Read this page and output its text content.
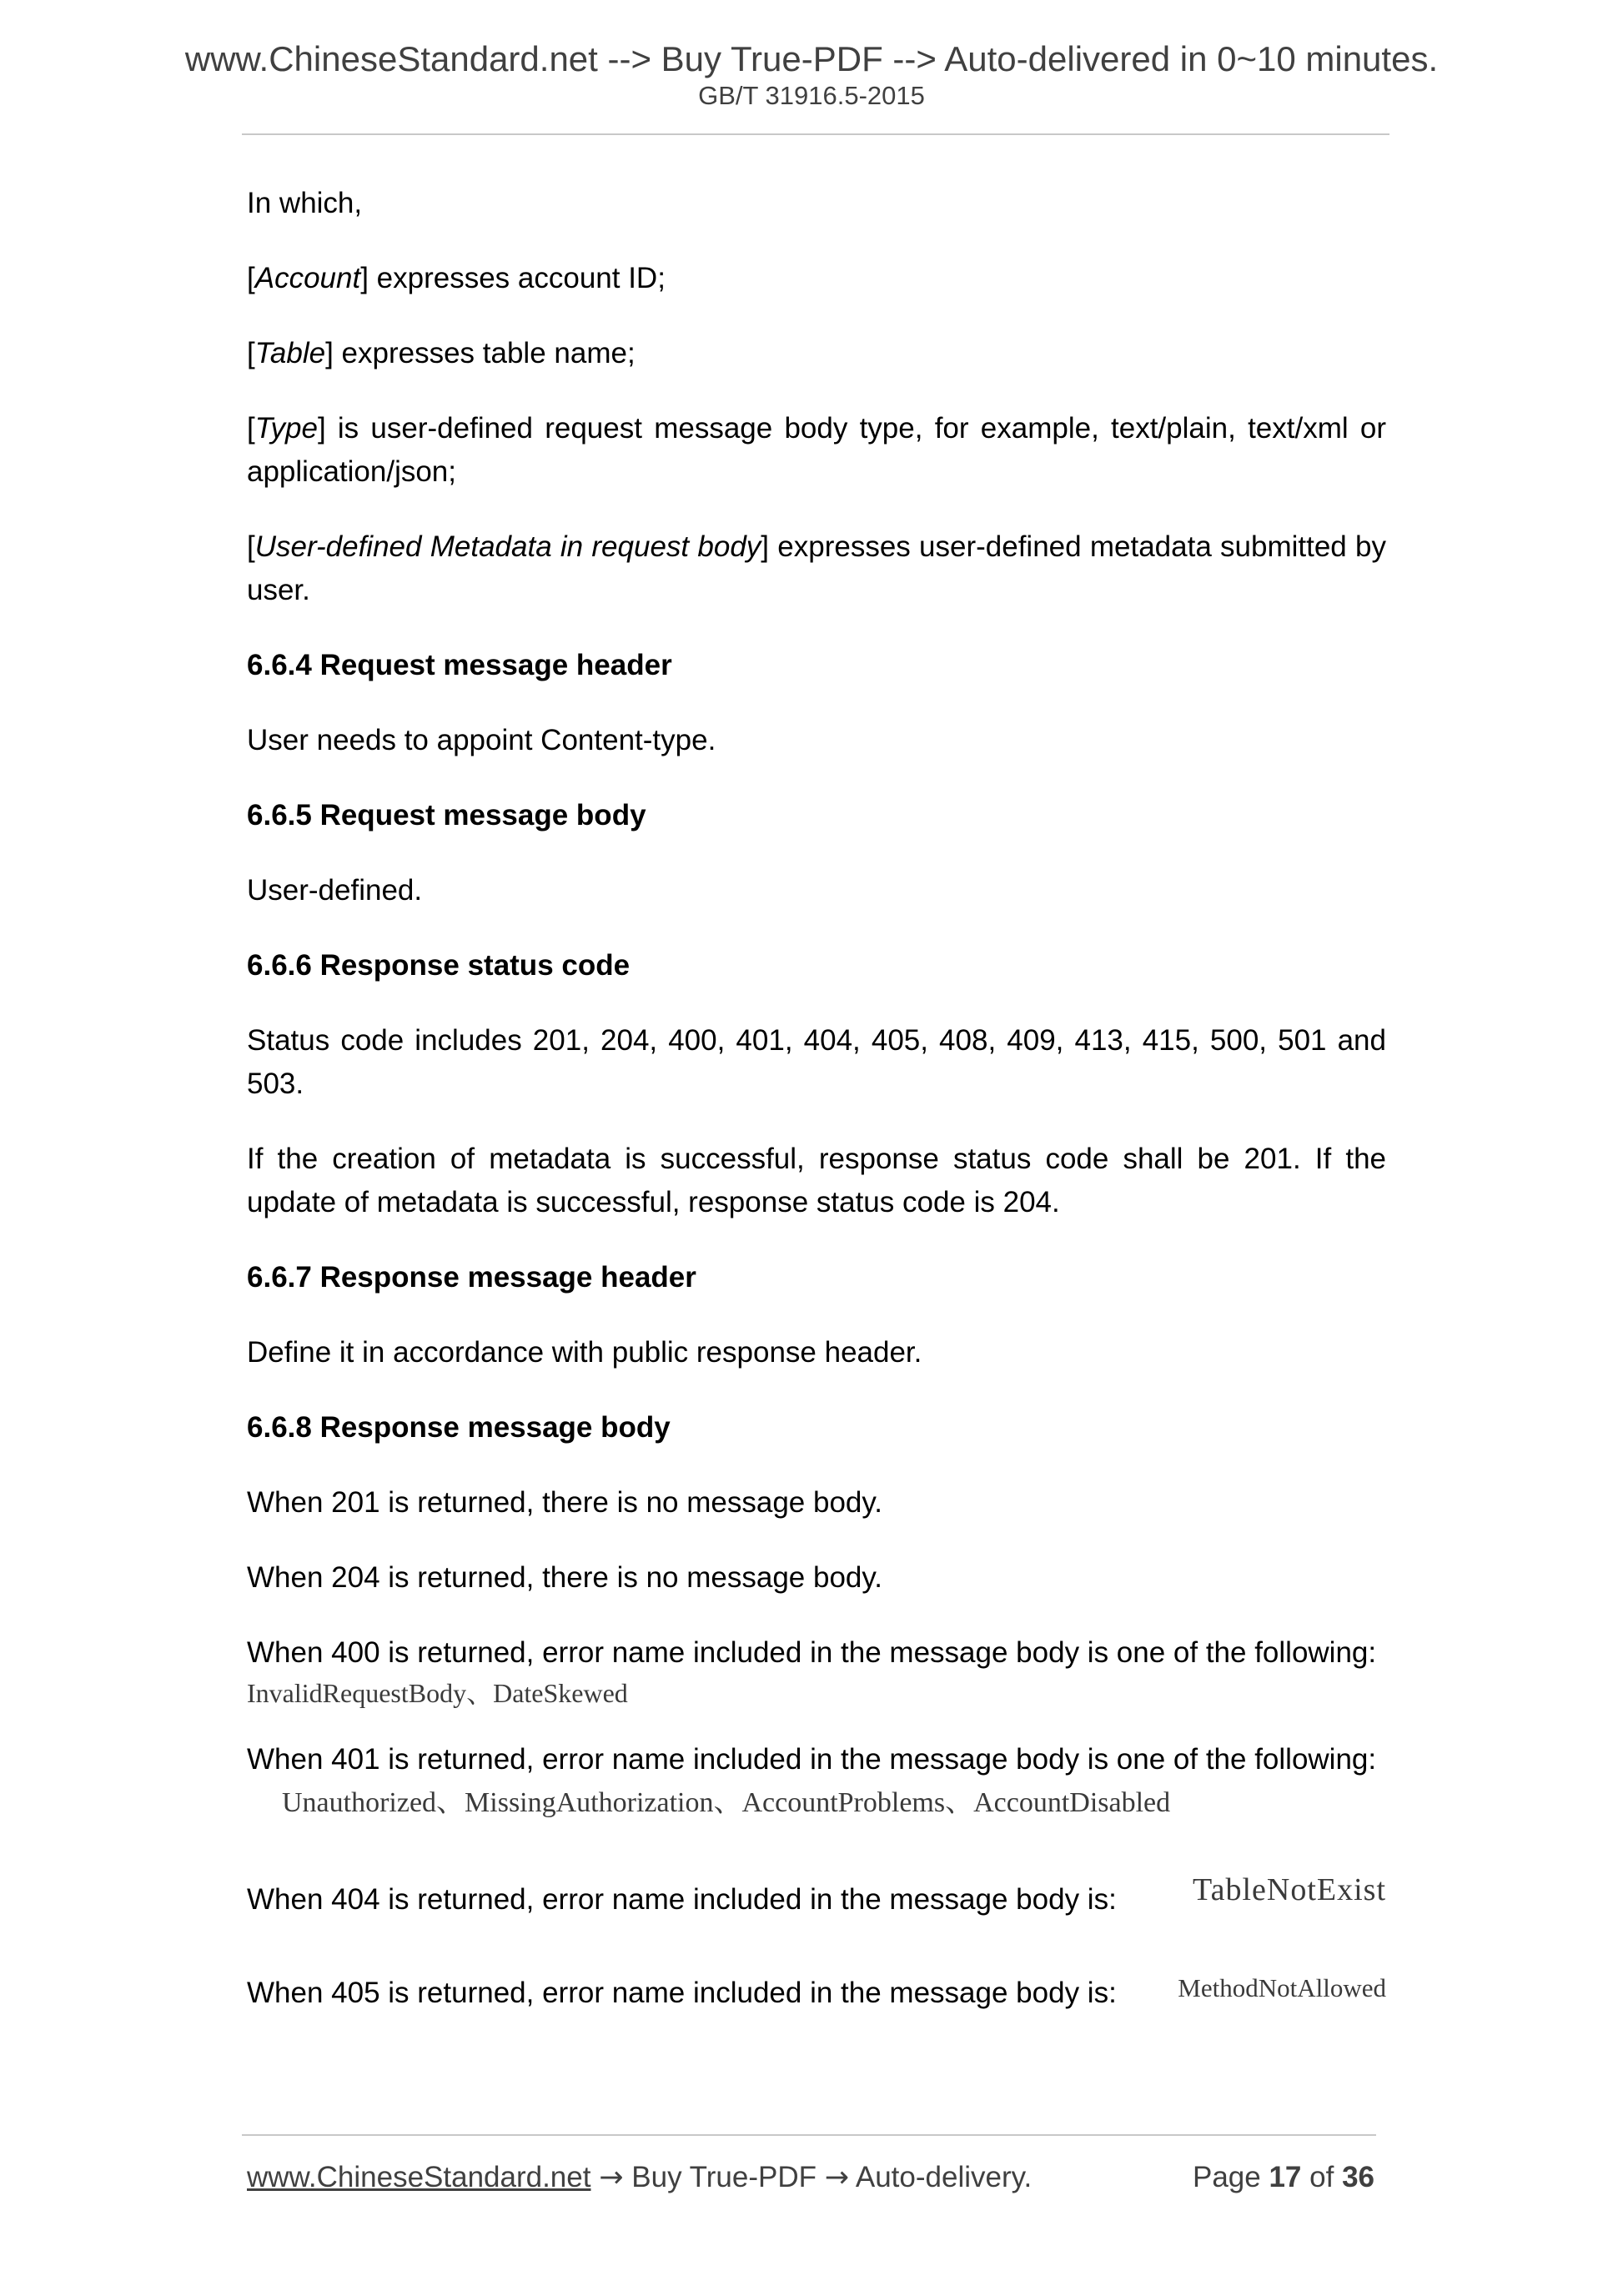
www.ChineseStandard.net --> Buy True-PDF --> Auto-delivered in 0~10 minutes.
GB/T 31916.5-2015

In which,

[Account] expresses account ID;

[Table] expresses table name;

[Type] is user-defined request message body type, for example, text/plain, text/xml or application/json;

[User-defined Metadata in request body] expresses user-defined metadata submitted by user.

6.6.4 Request message header

User needs to appoint Content-type.

6.6.5 Request message body

User-defined.

6.6.6 Response status code

Status code includes 201, 204, 400, 401, 404, 405, 408, 409, 413, 415, 500, 501 and 503.

If the creation of metadata is successful, response status code shall be 201. If the update of metadata is successful, response status code is 204.

6.6.7 Response message header

Define it in accordance with public response header.

6.6.8 Response message body

When 201 is returned, there is no message body.

When 204 is returned, there is no message body.

When 400 is returned, error name included in the message body is one of the following:
InvalidRequestBody、DateSkewed

When 401 is returned, error name included in the message body is one of the following:
Unauthorized、MissingAuthorization、AccountProblems、AccountDisabled

When 404 is returned, error name included in the message body is: TableNotExist

When 405 is returned, error name included in the message body is: MethodNotAllowed

www.ChineseStandard.net → Buy True-PDF → Auto-delivery.	Page 17 of 36
